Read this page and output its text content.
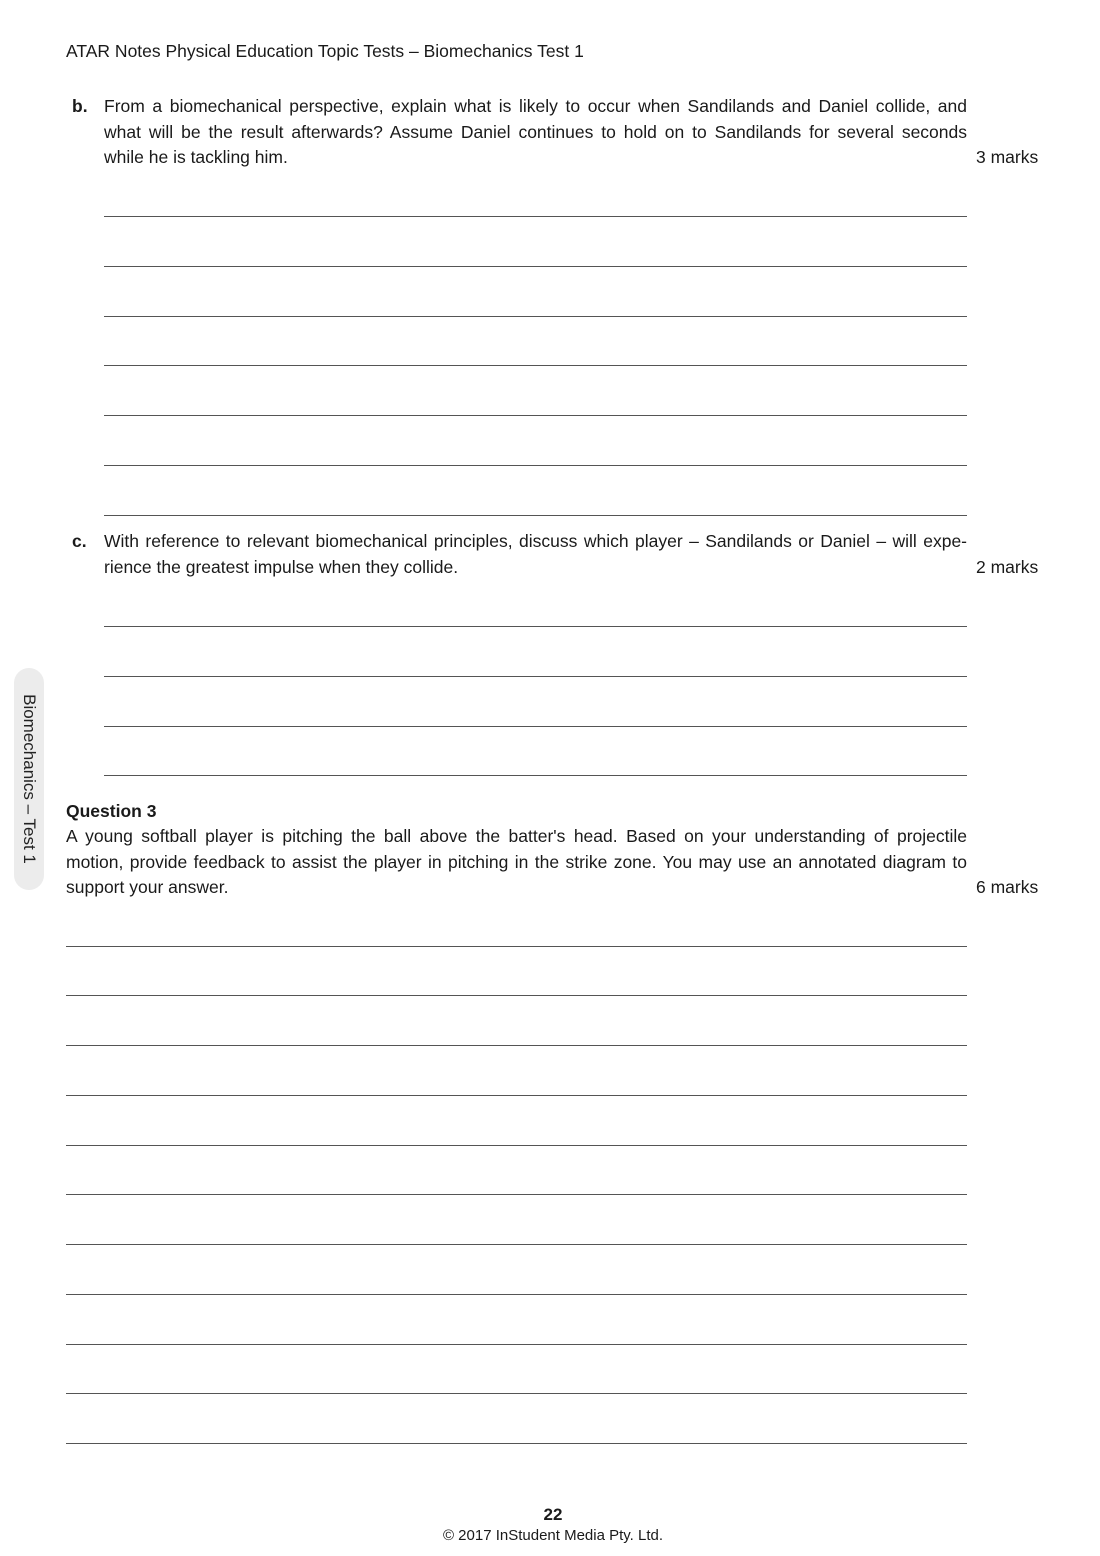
ATAR Notes Physical Education Topic Tests – Biomechanics Test 1
b. From a biomechanical perspective, explain what is likely to occur when Sandilands and Daniel collide, and
what will be the result afterwards? Assume Daniel continues to hold on to Sandilands for several seconds
while he is tackling him.	3 marks
c. With reference to relevant biomechanical principles, discuss which player – Sandilands or Daniel – will expe-
rience the greatest impulse when they collide.	2 marks
Biomechanics – Test 1 Question 3
A young softball player is pitching the ball above the batter's head. Based on your understanding of projectile
motion, provide feedback to assist the player in pitching in the strike zone. You may use an annotated diagram to
support your answer.	6 marks
22
© 2017 InStudent Media Pty. Ltd.
